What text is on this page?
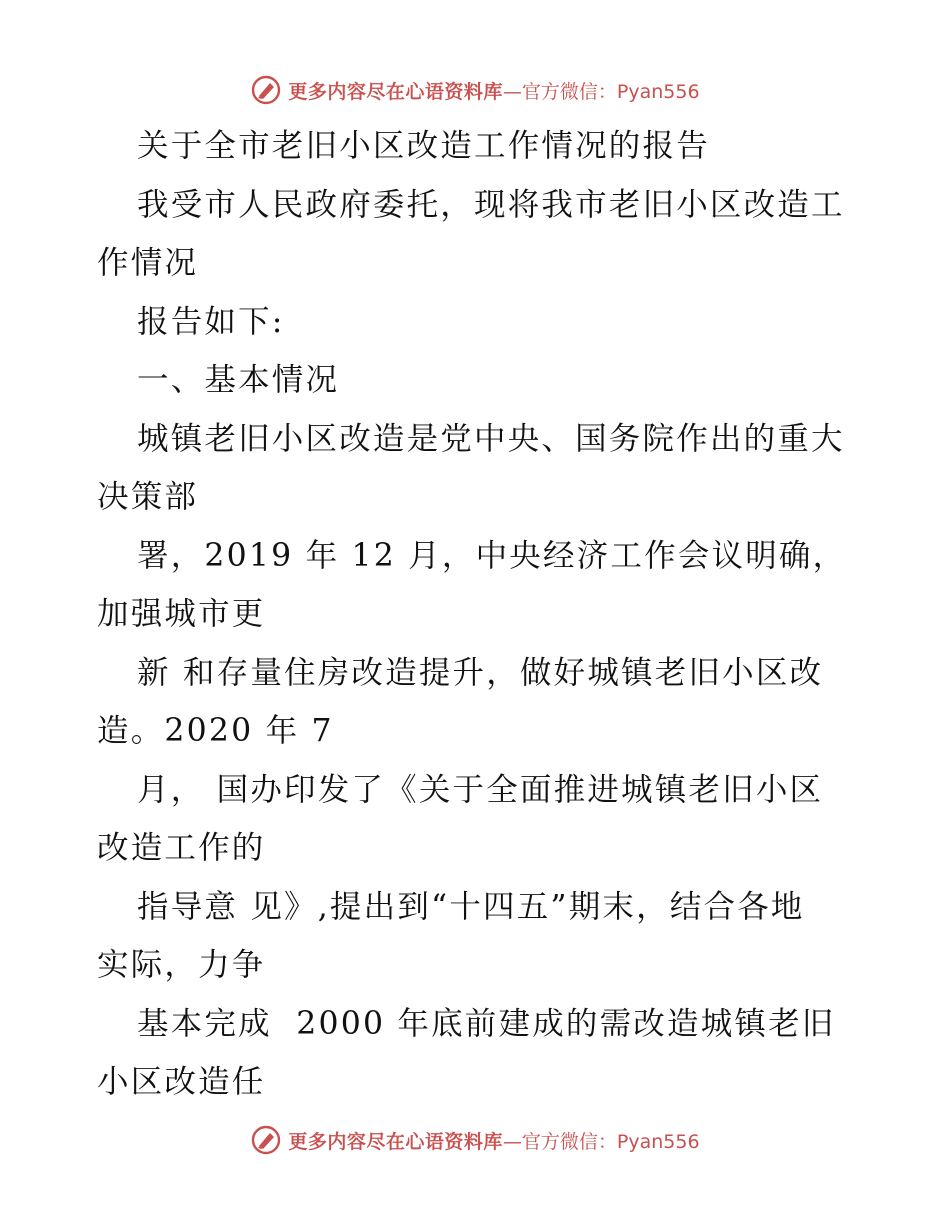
更多内容尽在心语资料库 —官方微信：Pyan556
关于全市老旧小区改造工作情况的报告
我受市人民政府委托，现将我市老旧小区改造工
作情况
报告如下:
一、基本情况
城镇老旧小区改造是党中央、国务院作出的重大
决策部
署，2019 年 12 月，中央经济工作会议明确，
加强城市更
新 和存量住房改造提升，做好城镇老旧小区改
造。2020 年 7
月， 国办印发了《关于全面推进城镇老旧小区
改造工作的
指导意 见》,提出到“十四五”期末，结合各地
实际，力争
基本完成  2000 年底前建成的需改造城镇老旧
小区改造任
更多内容尽在心语资料库 —官方微信：Pyan556
